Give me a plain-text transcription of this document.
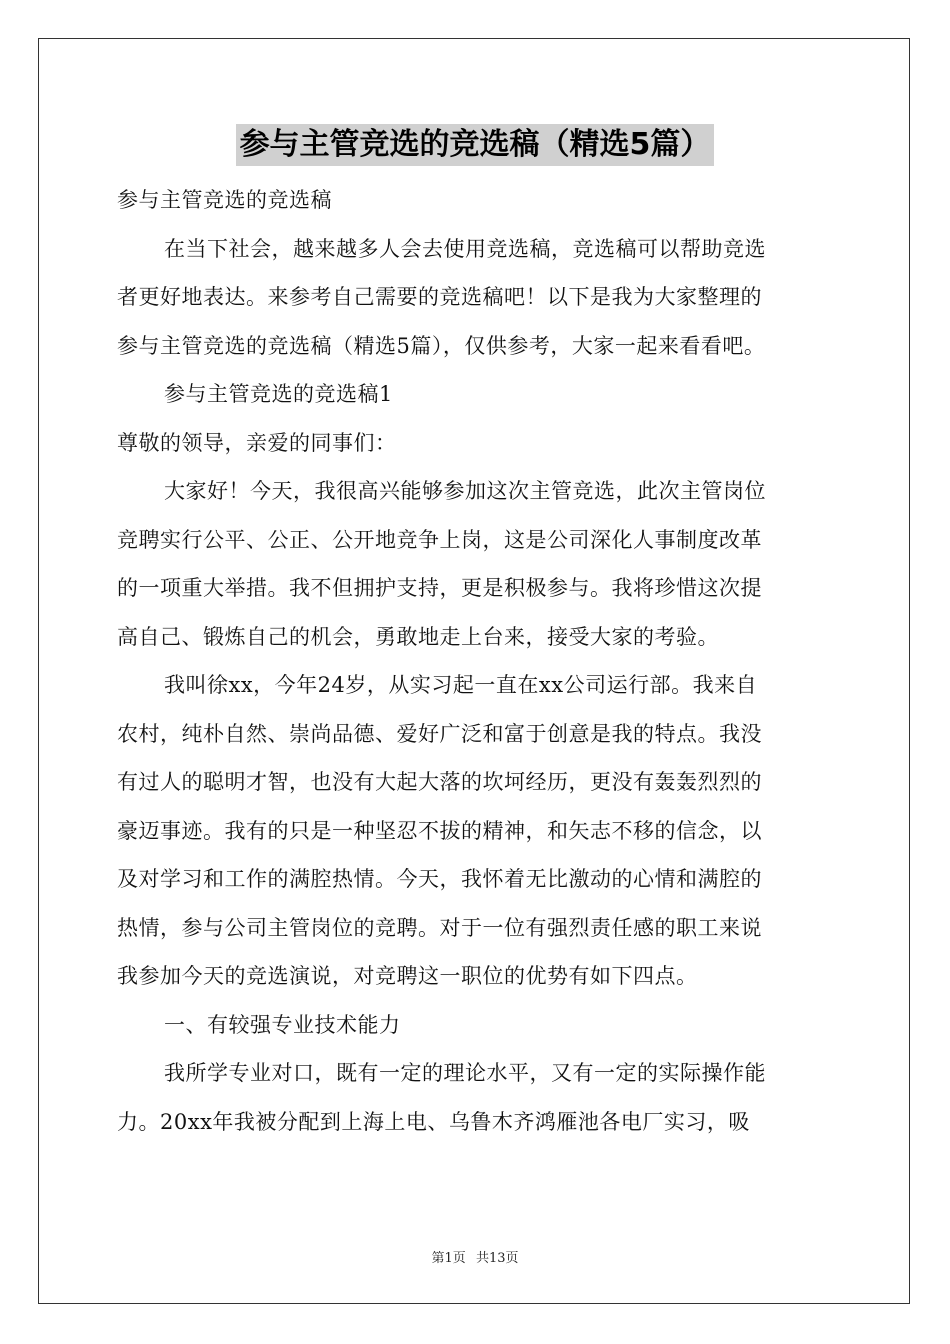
参与主管竞选的竞选稿（精选5篇）
参与主管竞选的竞选稿
在当下社会，越来越多人会去使用竞选稿，竞选稿可以帮助竞选
者更好地表达。来参考自己需要的竞选稿吧！以下是我为大家整理的
参与主管竞选的竞选稿（精选5篇），仅供参考，大家一起来看看吧。
参与主管竞选的竞选稿1
尊敬的领导，亲爱的同事们：
大家好！今天，我很高兴能够参加这次主管竞选，此次主管岗位
竞聘实行公平、公正、公开地竞争上岗，这是公司深化人事制度改革
的一项重大举措。我不但拥护支持，更是积极参与。我将珍惜这次提
高自己、锻炼自己的机会，勇敢地走上台来，接受大家的考验。
我叫徐xx，今年24岁，从实习起一直在xx公司运行部。我来自
农村，纯朴自然、崇尚品德、爱好广泛和富于创意是我的特点。我没
有过人的聪明才智，也没有大起大落的坎坷经历，更没有轰轰烈烈的
豪迈事迹。我有的只是一种坚忍不拔的精神，和矢志不移的信念，以
及对学习和工作的满腔热情。今天，我怀着无比激动的心情和满腔的
热情，参与公司主管岗位的竞聘。对于一位有强烈责任感的职工来说
我参加今天的竞选演说，对竞聘这一职位的优势有如下四点。
一、有较强专业技术能力
我所学专业对口，既有一定的理论水平，又有一定的实际操作能
力。20xx年我被分配到上海上电、乌鲁木齐鸿雁池各电厂实习，吸
第1页 共13页
